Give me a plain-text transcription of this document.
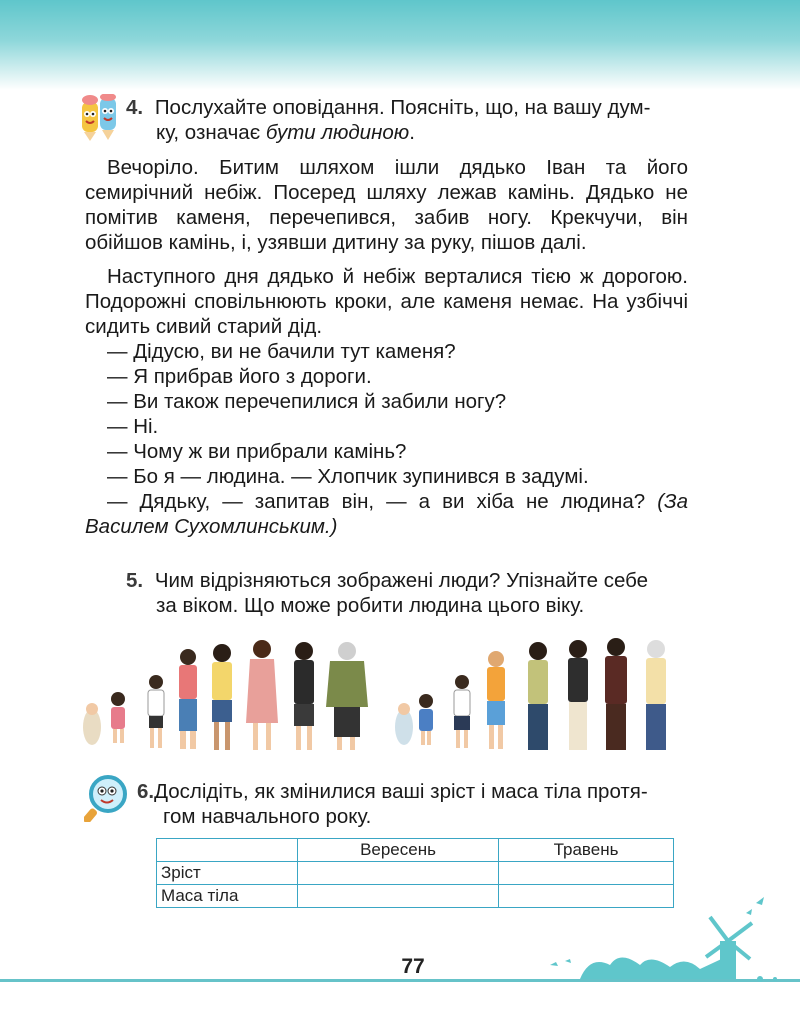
4. Послухайте оповідання. Поясніть, що, на вашу дум-

ку, означає бути людиною.

Вечоріло. Битим шляхом ішли дядько Іван та його семирічний небіж. Посеред шляху лежав камінь. Дядько не помітив каменя, перечепився, забив ногу. Крекчучи, він обійшов камінь, і, узявши дитину за руку, пішов далі.

Наступного дня дядько й небіж верталися тією ж дорогою. Подорожні сповільнюють кроки, але каменя немає. На узбіччі сидить сивий старий дід.

— Дідусю, ви не бачили тут каменя?

— Я прибрав його з дороги.

— Ви також перечепилися й забили ногу?

— Ні.

— Чому ж ви прибрали камінь?

— Бо я — людина. — Хлопчик зупинився в задумі.

— Дядьку, — запитав він, — а ви хіба не людина? (За Василем Сухомлинським.)

5. Чим відрізняються зображені люди? Упізнайте себе

за віком. Що може робити людина цього віку.

6.Дослідіть, як змінилися ваші зріст і маса тіла протя-

гом навчального року.

	Вересень	Травень
Зріст		
Маса тіла		
77
